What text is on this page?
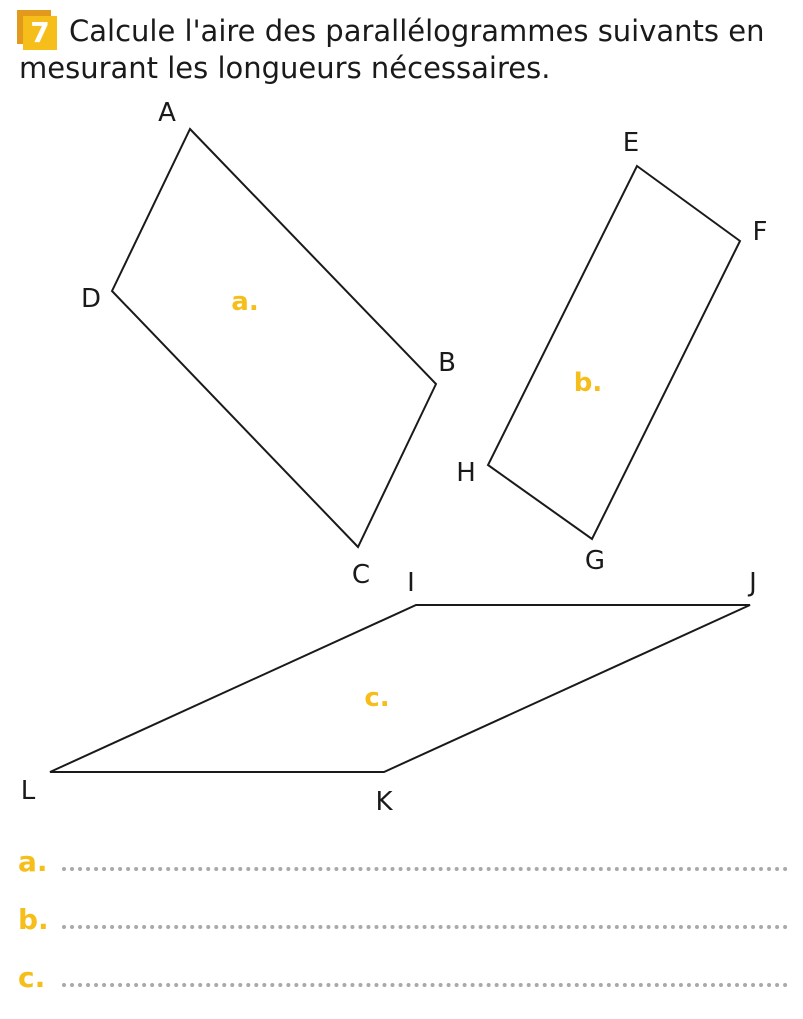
7 Calcule l'aire des parallélogrammes suivants en mesurant les longueurs nécessaires.

A
B
C
D	a.
E
F
G
H
b.
I	J
K
L
c.
a.
b.
c.
